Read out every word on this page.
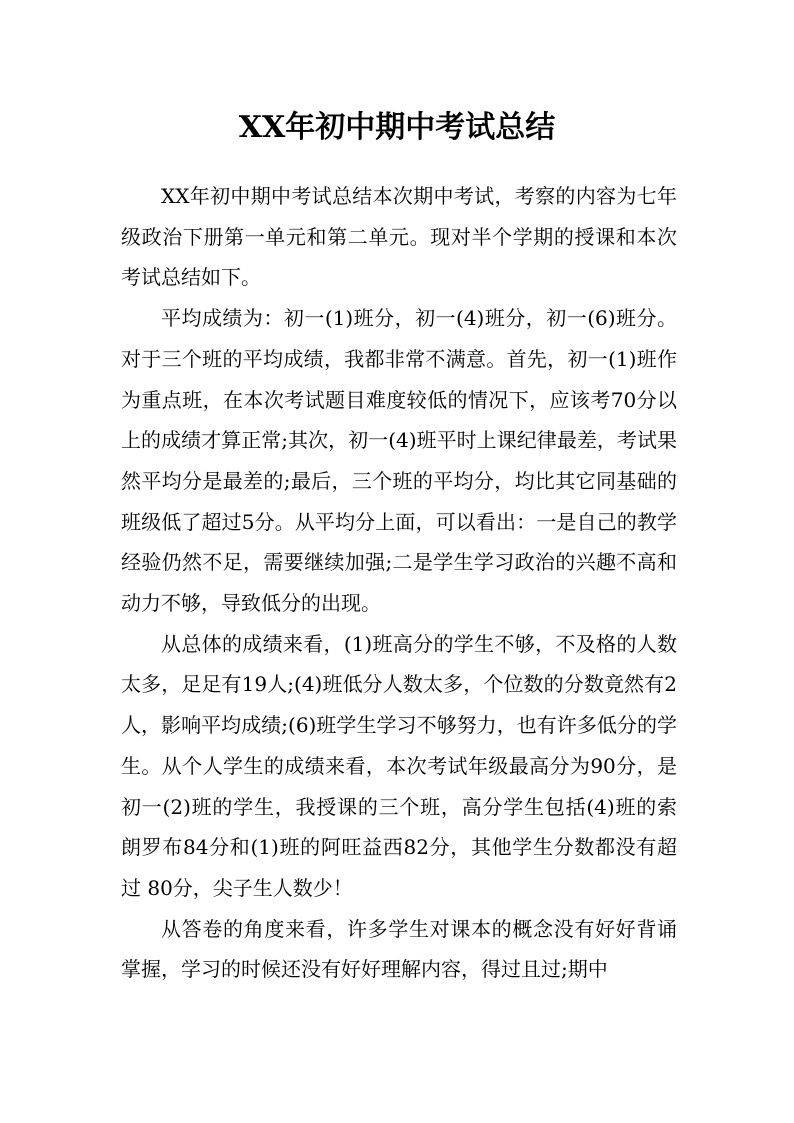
XX年初中期中考试总结

XX年初中期中考试总结本次期中考试，考察的内容为七年级政治下册第一单元和第二单元。现对半个学期的授课和本次考试总结如下。

平均成绩为：初一(1)班分，初一(4)班分，初一(6)班分。对于三个班的平均成绩，我都非常不满意。首先，初一(1)班作为重点班，在本次考试题目难度较低的情况下，应该考70分以上的成绩才算正常;其次，初一(4)班平时上课纪律最差，考试果然平均分是最差的;最后，三个班的平均分，均比其它同基础的班级低了超过5分。从平均分上面，可以看出：一是自己的教学经验仍然不足，需要继续加强;二是学生学习政治的兴趣不高和动力不够，导致低分的出现。

从总体的成绩来看，(1)班高分的学生不够，不及格的人数太多，足足有19人;(4)班低分人数太多，个位数的分数竟然有2人，影响平均成绩;(6)班学生学习不够努力，也有许多低分的学生。从个人学生的成绩来看，本次考试年级最高分为90分，是初一(2)班的学生，我授课的三个班，高分学生包括(4)班的索朗罗布84分和(1)班的阿旺益西82分，其他学生分数都没有超过 80分，尖子生人数少！

从答卷的角度来看，许多学生对课本的概念没有好好背诵掌握，学习的时候还没有好好理解内容，得过且过;期中
